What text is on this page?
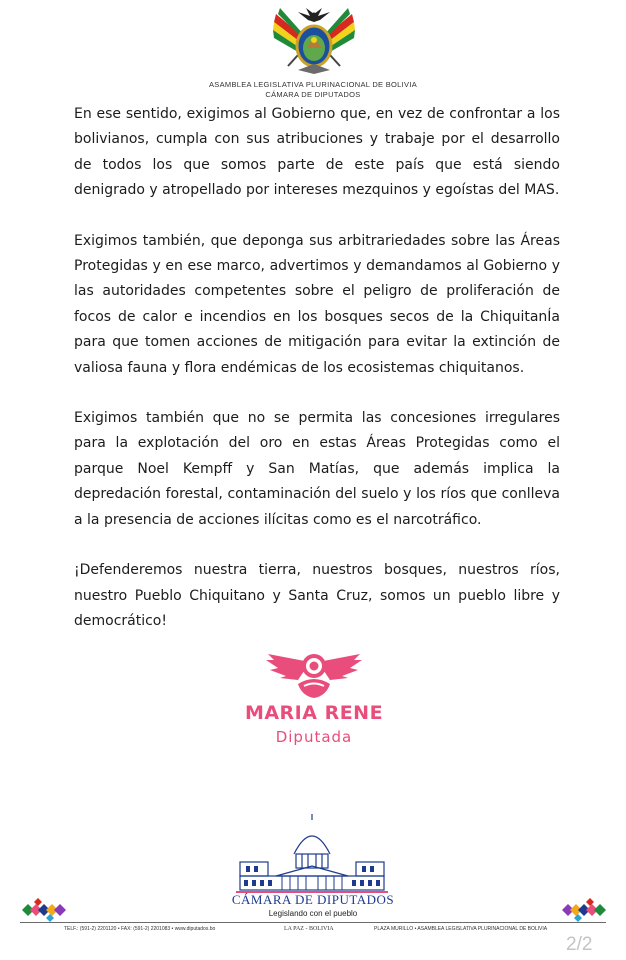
ASAMBLEA LEGISLATIVA PLURINACIONAL DE BOLIVIA
CÁMARA DE DIPUTADOS

En ese sentido, exigimos al Gobierno que, en vez de confrontar a los bolivianos, cumpla con sus atribuciones y trabaje por el desarrollo de todos los que somos parte de este país que está siendo denigrado y atropellado por intereses mezquinos y egoístas del MAS.

Exigimos también, que deponga sus arbitrariedades sobre las Áreas Protegidas y en ese marco, advertimos y demandamos al Gobierno y las autoridades competentes sobre el peligro de proliferación de focos de calor e incendios en los bosques secos de la ChiquitanÍa para que tomen acciones de mitigación para evitar la extinción de valiosa fauna y flora endémicas de los ecosistemas chiquitanos.

Exigimos también que no se permita las concesiones irregulares para la explotación del oro en estas Áreas Protegidas como el parque Noel Kempff y San Matías, que además implica la depredación forestal, contaminación del suelo y los ríos que conlleva a la presencia de acciones ilícitas como es el narcotráfico.

¡Defenderemos nuestra tierra, nuestros bosques, nuestros ríos, nuestro Pueblo Chiquitano y Santa Cruz, somos un pueblo libre y democrático!

MARIA RENE
Diputada
CÁMARA DE DIPUTADOS
Legislando con el pueblo
TELF.: (591-2) 2201120 • FAX: (591-2) 2201083 • www.diputados.bo	LA PAZ - BOLIVIA	PLAZA MURILLO • ASAMBLEA LEGISLATIVA PLURINACIONAL DE BOLIVIA
2/2
